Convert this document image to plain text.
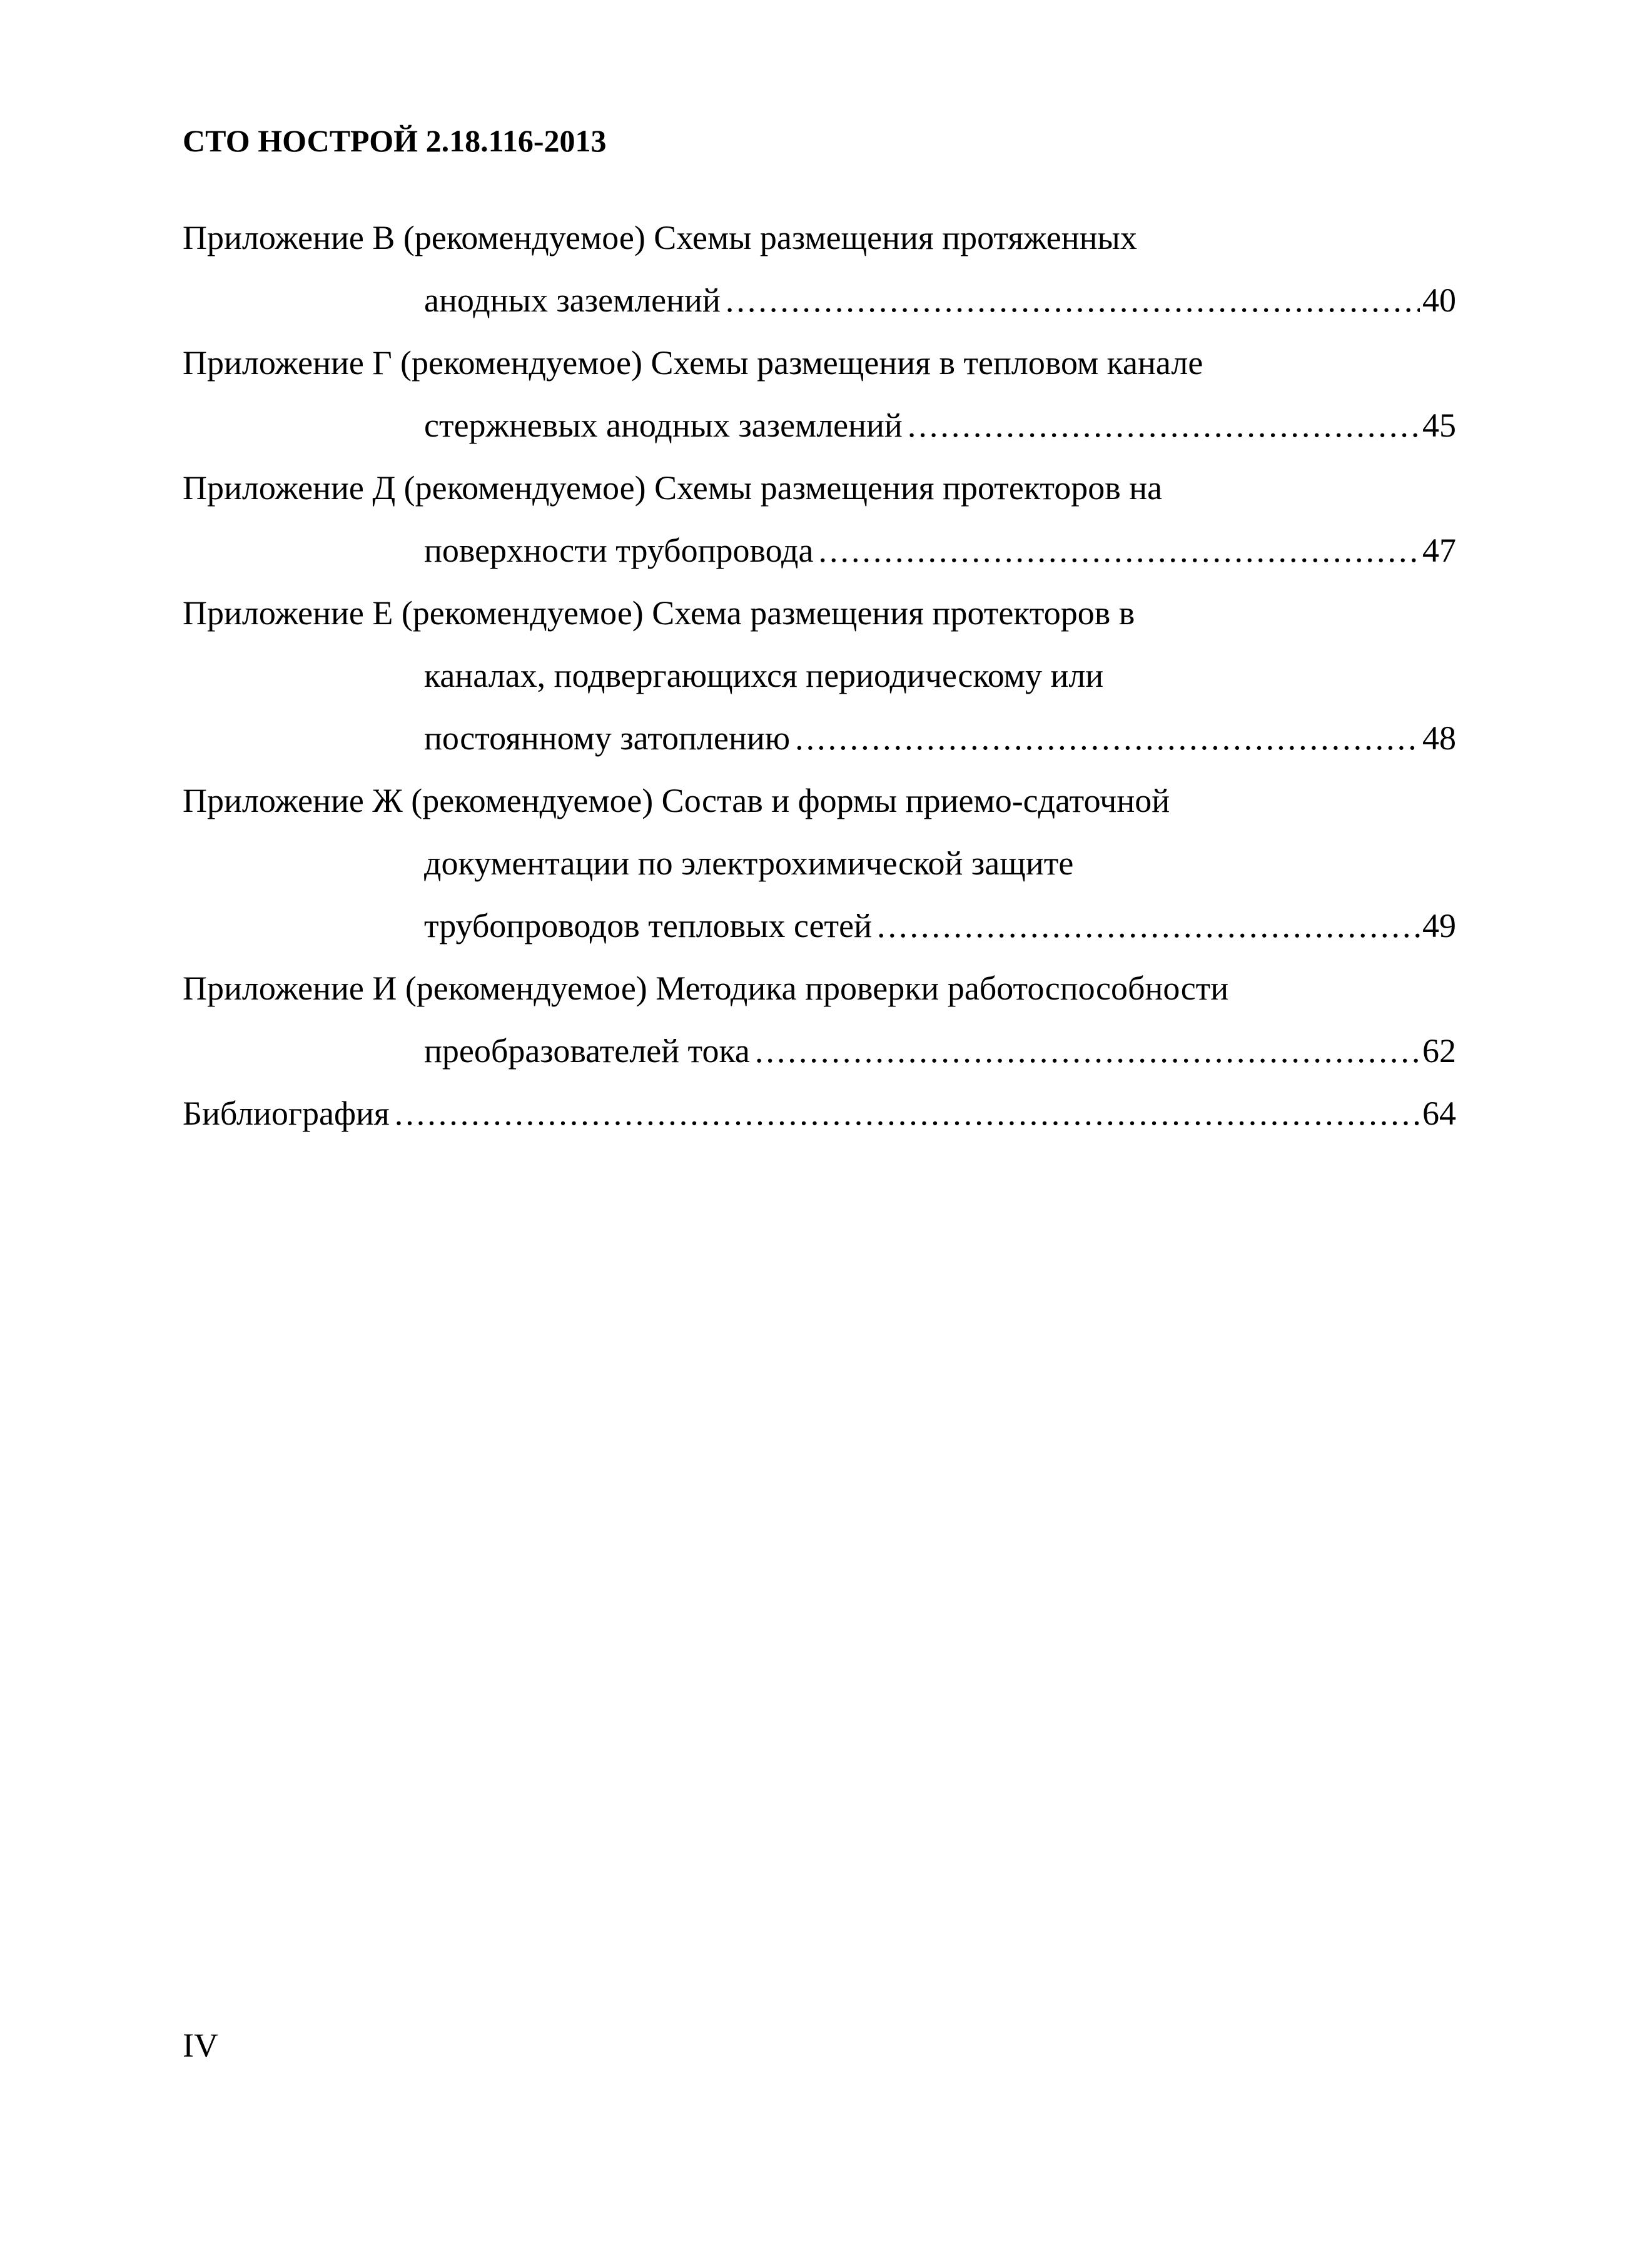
СТО НОСТРОЙ 2.18.116-2013
Приложение В (рекомендуемое) Схемы размещения протяженных
анодных заземлений .....	40
Приложение Г (рекомендуемое) Схемы размещения в тепловом канале
стержневых анодных заземлений .....	45
Приложение Д (рекомендуемое) Схемы размещения протекторов на
поверхности трубопровода .....	47
Приложение Е (рекомендуемое) Схема размещения протекторов в
каналах, подвергающихся периодическому или
постоянному затоплению .....	48
Приложение Ж (рекомендуемое) Состав и формы приемо-сдаточной
документации по электрохимической защите
трубопроводов тепловых сетей .....	49
Приложение И (рекомендуемое) Методика проверки работоспособности
преобразователей тока .....	62
Библиография .....	64
IV
